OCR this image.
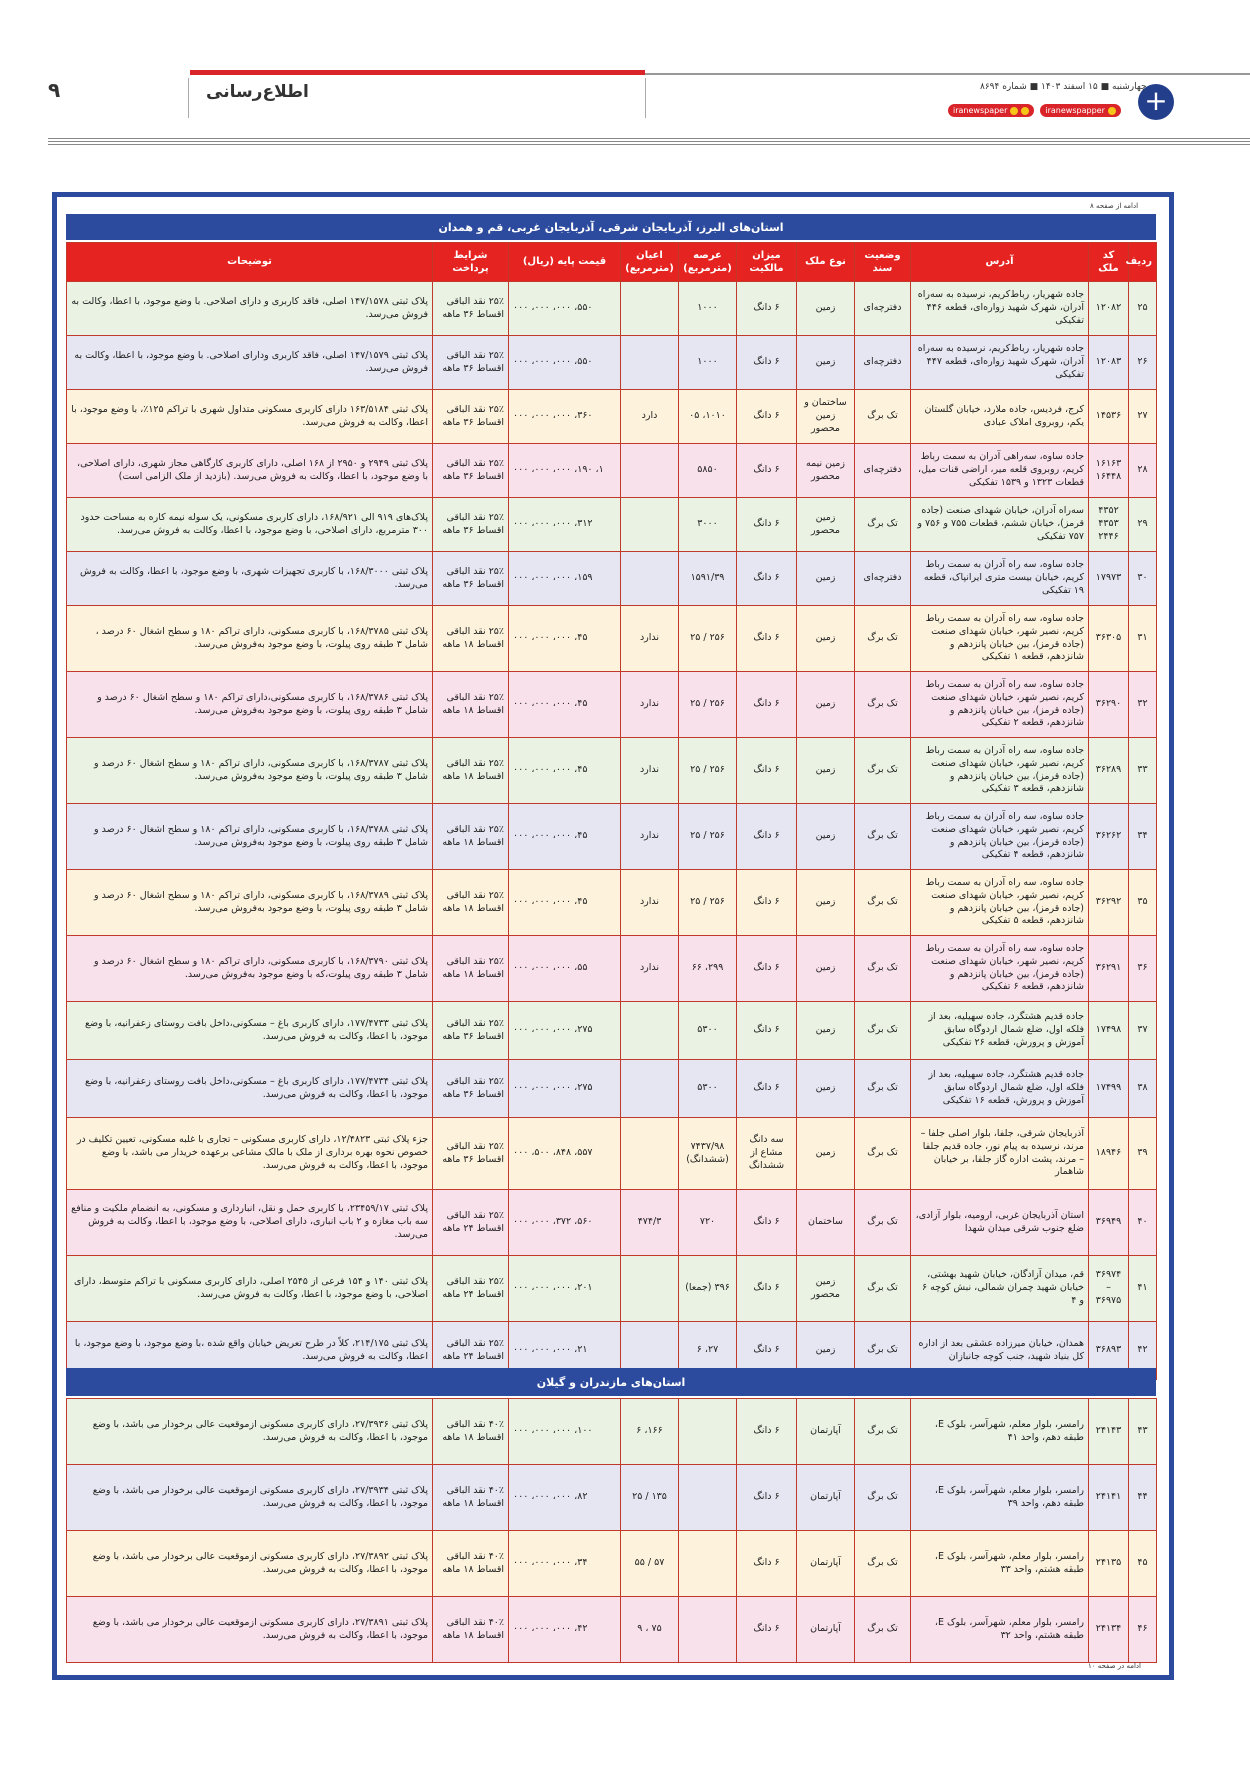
+
چهارشنبه ■ ۱۵ اسفند ۱۴۰۳ ■ شماره ۸۶۹۴
iranewspapper
iranewspaper
اطلاع‌رسانی
۹
ادامه از صفحه ۸
استان‌های البرز، آذربایجان شرقی، آذربایجان غربی، قم و همدان
ردیف	کد ملک	آدرس	وضعیت سند	نوع ملک	میزان مالکیت	عرصه (مترمربع)	اعیان (مترمربع)	قیمت پایه (ریال)	شرایط پرداخت	توضیحات
۲۵	۱۲۰۸۲	جاده شهریار، رباط‌کریم، نرسیده به سه‌راه آدران، شهرک شهید زواره‌ای، قطعه ۴۴۶ تفکیکی	دفترچه‌ای	زمین	۶ دانگ	۱۰۰۰		۵۵۰، ۰۰۰، ۰۰۰، ۰۰۰	۲۵٪ نقد الباقی اقساط ۳۶ ماهه	پلاک ثبتی ۱۴۷/۱۵۷۸ اصلی، فاقد کاربری و دارای اصلاحی. با وضع موجود، با اعطا، وکالت به فروش می‌رسد.
۲۶	۱۲۰۸۳	جاده شهریار، رباط‌کریم، نرسیده به سه‌راه آدران، شهرک شهید زواره‌ای، قطعه ۴۴۷ تفکیکی	دفترچه‌ای	زمین	۶ دانگ	۱۰۰۰		۵۵۰، ۰۰۰، ۰۰۰، ۰۰۰	۲۵٪ نقد الباقی اقساط ۳۶ ماهه	پلاک ثبتی ۱۴۷/۱۵۷۹ اصلی، فاقد کاربری ودارای اصلاحی. با وضع موجود، با اعطا، وکالت به فروش می‌رسد.
۲۷	۱۴۵۳۶	کرج، فردیس، جاده ملارد، خیابان گلستان یکم، روبروی املاک عبادی	تک برگ	ساختمان و زمین محصور	۶ دانگ	۱۰۱۰، ۰۵	دارد	۳۶۰، ۰۰۰، ۰۰۰، ۰۰۰	۲۵٪ نقد الباقی اقساط ۳۶ ماهه	پلاک ثبتی ۱۶۳/۵۱۸۴ دارای کاربری مسکونی متداول شهری با تراکم ۱۲۵٪، با وضع موجود، با اعطا، وکالت به فروش می‌رسد.
۲۸	۱۶۱۶۳ ۱۶۴۴۸	جاده ساوه، سه‌راهی آدران به سمت رباط کریم، روبروی قلعه میر، اراضی قنات میل، قطعات ۱۳۲۳ و ۱۵۳۹ تفکیکی	دفترچه‌ای	زمین نیمه محصور	۶ دانگ	۵۸۵۰		۱، ۱۹۰، ۰۰۰، ۰۰۰، ۰۰۰	۲۵٪ نقد الباقی اقساط ۳۶ ماهه	پلاک ثبتی ۲۹۴۹ و ۲۹۵۰ از ۱۶۸ اصلی، دارای کاربری کارگاهی مجاز شهری، دارای اصلاحی، با وضع موجود، با اعطا، وکالت به فروش می‌رسد. (بازدید از ملک الزامی است)
۲۹	۴۳۵۲ ۴۳۵۳ ۲۴۴۶	سه‌راه آدران، خیابان شهدای صنعت (جاده قرمز)، خیابان ششم، قطعات ۷۵۵ و ۷۵۶ و ۷۵۷ تفکیکی	تک برگ	زمین محصور	۶ دانگ	۳۰۰۰		۳۱۲، ۰۰۰، ۰۰۰، ۰۰۰	۲۵٪ نقد الباقی اقساط ۳۶ ماهه	پلاک‌های ۹۱۹ الی ۱۶۸/۹۲۱، دارای کاربری مسکونی، یک سوله نیمه کاره به مساحت حدود ۳۰۰ مترمربع، دارای اصلاحی، با وضع موجود، با اعطا، وکالت به فروش می‌رسد.
۳۰	۱۷۹۷۳	جاده ساوه، سه راه آدران به سمت رباط کریم، خیابان بیست متری ایرانپاک، قطعه ۱۹ تفکیکی	دفترچه‌ای	زمین	۶ دانگ	۱۵۹۱/۳۹		۱۵۹، ۰۰۰، ۰۰۰، ۰۰۰	۲۵٪ نقد الباقی اقساط ۳۶ ماهه	پلاک ثبتی ۱۶۸/۳۰۰۰، با کاربری تجهیزات شهری، با وضع موجود، با اعطا، وکالت به فروش می‌رسد.
۳۱	۳۶۳۰۵	جاده ساوه، سه راه آدران به سمت رباط کریم، نصیر شهر، خیابان شهدای صنعت (جاده قرمز)، بین خیابان پانزدهم و شانزدهم، قطعه ۱ تفکیکی	تک برگ	زمین	۶ دانگ	۲۵۶ / ۲۵	ندارد	۴۵، ۰۰۰، ۰۰۰، ۰۰۰	۲۵٪ نقد الباقی اقساط ۱۸ ماهه	پلاک ثبتی ۱۶۸/۳۷۸۵، با کاربری مسکونی، دارای تراکم ۱۸۰ و سطح اشغال ۶۰ درصد ، شامل ۳ طبقه روی پیلوت، با وضع موجود به‌فروش می‌رسد.
۳۲	۳۶۲۹۰	جاده ساوه، سه راه آدران به سمت رباط کریم، نصیر شهر، خیابان شهدای صنعت (جاده قرمز)، بین خیابان پانزدهم و شانزدهم، قطعه ۲ تفکیکی	تک برگ	زمین	۶ دانگ	۲۵۶ / ۲۵	ندارد	۴۵، ۰۰۰، ۰۰۰، ۰۰۰	۲۵٪ نقد الباقی اقساط ۱۸ ماهه	پلاک ثبتی ۱۶۸/۳۷۸۶، با کاربری مسکونی،دارای تراکم ۱۸۰ و سطح اشغال ۶۰ درصد و شامل ۳ طبقه روی پیلوت، با وضع موجود به‌فروش می‌رسد.
۳۳	۳۶۲۸۹	جاده ساوه، سه راه آدران به سمت رباط کریم، نصیر شهر، خیابان شهدای صنعت (جاده قرمز)، بین خیابان پانزدهم و شانزدهم، قطعه ۳ تفکیکی	تک برگ	زمین	۶ دانگ	۲۵۶ / ۲۵	ندارد	۴۵، ۰۰۰، ۰۰۰، ۰۰۰	۲۵٪ نقد الباقی اقساط ۱۸ ماهه	پلاک ثبتی ۱۶۸/۳۷۸۷، با کاربری مسکونی، دارای تراکم ۱۸۰ و سطح اشغال ۶۰ درصد و شامل ۳ طبقه روی پیلوت، با وضع موجود به‌فروش می‌رسد.
۳۴	۳۶۲۶۲	جاده ساوه، سه راه آدران به سمت رباط کریم، نصیر شهر، خیابان شهدای صنعت (جاده قرمز)، بین خیابان پانزدهم و شانزدهم، قطعه ۴ تفکیکی	تک برگ	زمین	۶ دانگ	۲۵۶ / ۲۵	ندارد	۴۵، ۰۰۰، ۰۰۰، ۰۰۰	۲۵٪ نقد الباقی اقساط ۱۸ ماهه	پلاک ثبتی ۱۶۸/۳۷۸۸، با کاربری مسکونی، دارای تراکم ۱۸۰ و سطح اشغال ۶۰ درصد و شامل ۳ طبقه روی پیلوت، با وضع موجود به‌فروش می‌رسد.
۳۵	۳۶۲۹۲	جاده ساوه، سه راه آدران به سمت رباط کریم، نصیر شهر، خیابان شهدای صنعت (جاده قرمز)، بین خیابان پانزدهم و شانزدهم، قطعه ۵ تفکیکی	تک برگ	زمین	۶ دانگ	۲۵۶ / ۲۵	ندارد	۴۵، ۰۰۰، ۰۰۰، ۰۰۰	۲۵٪ نقد الباقی اقساط ۱۸ ماهه	پلاک ثبتی ۱۶۸/۳۷۸۹، با کاربری مسکونی، دارای تراکم ۱۸۰ و سطح اشغال ۶۰ درصد و شامل ۳ طبقه روی پیلوت، با وضع موجود به‌فروش می‌رسد.
۳۶	۳۶۲۹۱	جاده ساوه، سه راه آدران به سمت رباط کریم، نصیر شهر، خیابان شهدای صنعت (جاده قرمز)، بین خیابان پانزدهم و شانزدهم، قطعه ۶ تفکیکی	تک برگ	زمین	۶ دانگ	۲۹۹، ۶۶	ندارد	۵۵، ۰۰۰، ۰۰۰، ۰۰۰	۲۵٪ نقد الباقی اقساط ۱۸ ماهه	پلاک ثبتی ۱۶۸/۳۷۹۰، با کاربری مسکونی، دارای تراکم ۱۸۰ و سطح اشغال ۶۰ درصد و شامل ۳ طبقه روی پیلوت،که با وضع موجود به‌فروش می‌رسد.
۳۷	۱۷۴۹۸	جاده قدیم هشتگرد، جاده سهیلیه، بعد از فلکه اول، ضلع شمال اردوگاه سابق آموزش و پرورش، قطعه ۲۶ تفکیکی	تک برگ	زمین	۶ دانگ	۵۳۰۰		۲۷۵، ۰۰۰، ۰۰۰، ۰۰۰	۲۵٪ نقد الباقی اقساط ۳۶ ماهه	پلاک ثبتی ۱۷۷/۴۷۳۳، دارای کاربری باغ – مسکونی،داخل بافت روستای زعفرانیه، با وضع موجود، با اعطا، وکالت به فروش می‌رسد.
۳۸	۱۷۴۹۹	جاده قدیم هشتگرد، جاده سهیلیه، بعد از فلکه اول، ضلع شمال اردوگاه سابق آموزش و پرورش، قطعه ۱۶ تفکیکی	تک برگ	زمین	۶ دانگ	۵۳۰۰		۲۷۵، ۰۰۰، ۰۰۰، ۰۰۰	۲۵٪ نقد الباقی اقساط ۳۶ ماهه	پلاک ثبتی ۱۷۷/۴۷۳۴، دارای کاربری باغ – مسکونی،داخل بافت روستای زعفرانیه، با وضع موجود، با اعطا، وکالت به فروش می‌رسد.
۳۹	۱۸۹۴۶	آذربایجان شرقی، جلفا، بلوار اصلی جلفا – مرند، نرسیده به پیام نور، جاده قدیم جلفا – مرند، پشت اداره گاز جلفا، بر خیابان شاهمار	تک برگ	زمین	سه دانگ مشاع از ششدانگ	۷۴۳۷/۹۸ (ششدانگ)		۵۵۷، ۸۴۸، ۵۰۰، ۰۰۰	۲۵٪ نقد الباقی اقساط ۳۶ ماهه	جزء پلاک ثبتی ۱۲/۴۸۲۳، دارای کاربری مسکونی – تجاری با غلبه مسکونی، تعیین تکلیف در خصوص نحوه بهره برداری از ملک با مالک مشاعی برعهده خریدار می باشد، با وضع موجود، با اعطا، وکالت به فروش می‌رسد.
۴۰	۳۶۹۴۹	استان آذربایجان غربی، ارومیه، بلوار آزادی، ضلع جنوب شرقی میدان شهدا	تک برگ	ساختمان	۶ دانگ	۷۲۰	۴۷۴/۳	۵۶۰، ۳۷۲، ۰۰۰، ۰۰۰	۲۵٪ نقد الباقی اقساط ۲۴ ماهه	پلاک ثبتی ۲۳۴۵۹/۱۷، با کاربری حمل و نقل، انبارداری و مسکونی، به انضمام ملکیت و منافع سه باب مغازه و ۲ باب انباری، دارای اصلاحی، با وضع موجود، با اعطا، وکالت به فروش می‌رسد.
۴۱	۳۶۹۷۴ – ۳۶۹۷۵	قم، میدان آزادگان، خیابان شهید بهشتی، خیابان شهید چمران شمالی، نبش کوچه ۶ و ۴	تک برگ	زمین محصور	۶ دانگ	۳۹۶ (جمعا)		۲۰۱، ۰۰۰، ۰۰۰، ۰۰۰	۲۵٪ نقد الباقی اقساط ۲۴ ماهه	پلاک ثبتی ۱۴۰ و ۱۵۴ فرعی از ۲۵۴۵ اصلی، دارای کاربری مسکونی با تراکم متوسط، دارای اصلاحی، با وضع موجود، با اعطا، وکالت به فروش می‌رسد.
۴۲	۳۶۸۹۳	همدان، خیابان میرزاده عشقی بعد از اداره کل بنیاد شهید، جنب کوچه جانبازان	تک برگ	زمین	۶ دانگ	۲۷، ۶		۲۱، ۰۰۰، ۰۰۰، ۰۰۰	۲۵٪ نقد الباقی اقساط ۲۴ ماهه	پلاک ثبتی ۲۱۴/۱۷۵، کلاً در طرح تعریض خیابان واقع شده ،با وضع موجود، با وضع موجود، با اعطا، وکالت به فروش می‌رسد.
استان‌های مازندران و گیلان
۴۳	۲۴۱۴۳	رامسر، بلوار معلم، شهرآسر، بلوک E، طبقه دهم، واحد ۴۱	تک برگ	آپارتمان	۶ دانگ		۱۶۶، ۶	۱۰۰، ۰۰۰، ۰۰۰، ۰۰۰	۴۰٪ نقد الباقی اقساط ۱۸ ماهه	پلاک ثبتی ۲۷/۳۹۳۶، دارای کاربری مسکونی ازموقعیت عالی برخودار می باشد، با وضع موجود، با اعطا، وکالت به فروش می‌رسد.
۴۴	۲۴۱۴۱	رامسر، بلوار معلم، شهرآسر، بلوک E، طبقه دهم، واحد ۳۹	تک برگ	آپارتمان	۶ دانگ		۱۳۵ / ۲۵	۸۲، ۰۰۰، ۰۰۰، ۰۰۰	۴۰٪ نقد الباقی اقساط ۱۸ ماهه	پلاک ثبتی ۲۷/۳۹۳۴، دارای کاربری مسکونی ازموقعیت عالی برخودار می باشد، با وضع موجود، با اعطا، وکالت به فروش می‌رسد.
۴۵	۲۴۱۳۵	رامسر، بلوار معلم، شهرآسر، بلوک E، طبقه هشتم، واحد ۳۳	تک برگ	آپارتمان	۶ دانگ		۵۷ / ۵۵	۳۴، ۰۰۰، ۰۰۰، ۰۰۰	۴۰٪ نقد الباقی اقساط ۱۸ ماهه	پلاک ثبتی ۲۷/۳۸۹۲، دارای کاربری مسکونی ازموقعیت عالی برخودار می باشد، با وضع موجود، با اعطا، وکالت به فروش می‌رسد.
۴۶	۲۴۱۳۴	رامسر، بلوار معلم، شهرآسر، بلوک E، طبقه هشتم، واحد ۳۲	تک برگ	آپارتمان	۶ دانگ		۷۵ ، ۹	۴۲، ۰۰۰، ۰۰۰، ۰۰۰	۴۰٪ نقد الباقی اقساط ۱۸ ماهه	پلاک ثبتی ۲۷/۳۸۹۱، دارای کاربری مسکونی ازموقعیت عالی برخودار می باشد، با وضع موجود، با اعطا، وکالت به فروش می‌رسد.
ادامه در صفحه ۱۰
